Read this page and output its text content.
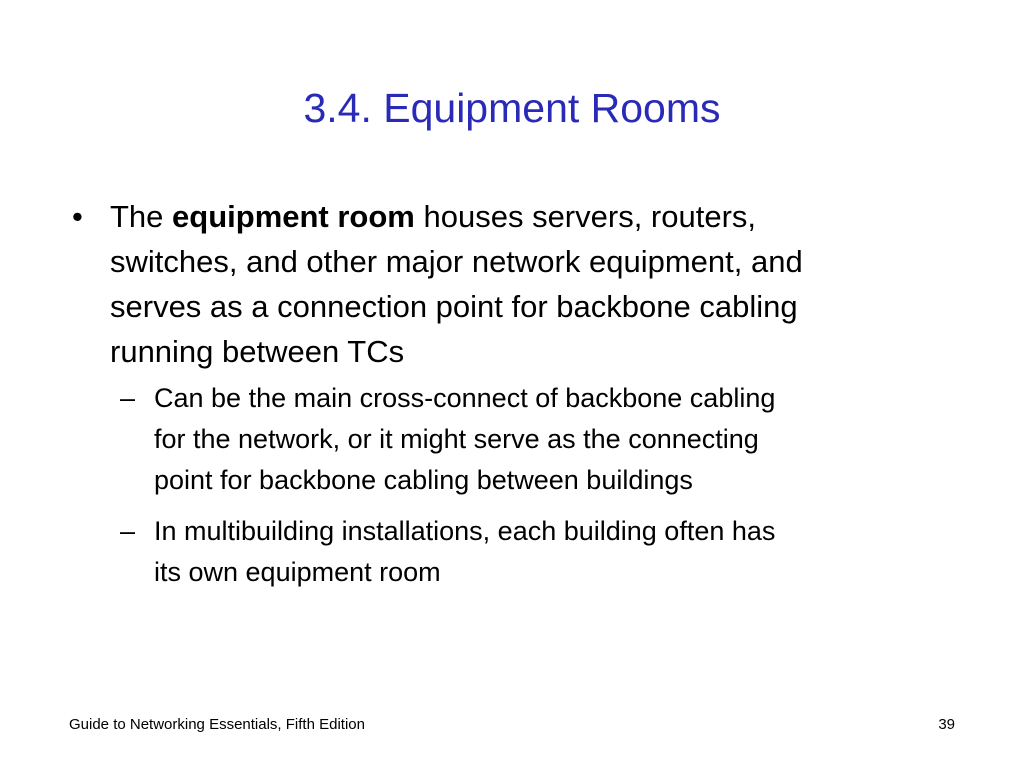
3.4. Equipment Rooms
• The equipment room houses servers, routers,
switches, and other major network equipment, and
serves as a connection point for backbone cabling
running between TCs
– Can be the main cross-connect of backbone cabling
for the network, or it might serve as the connecting
point for backbone cabling between buildings
– In multibuilding installations, each building often has
its own equipment room
Guide to Networking Essentials, Fifth Edition	39
